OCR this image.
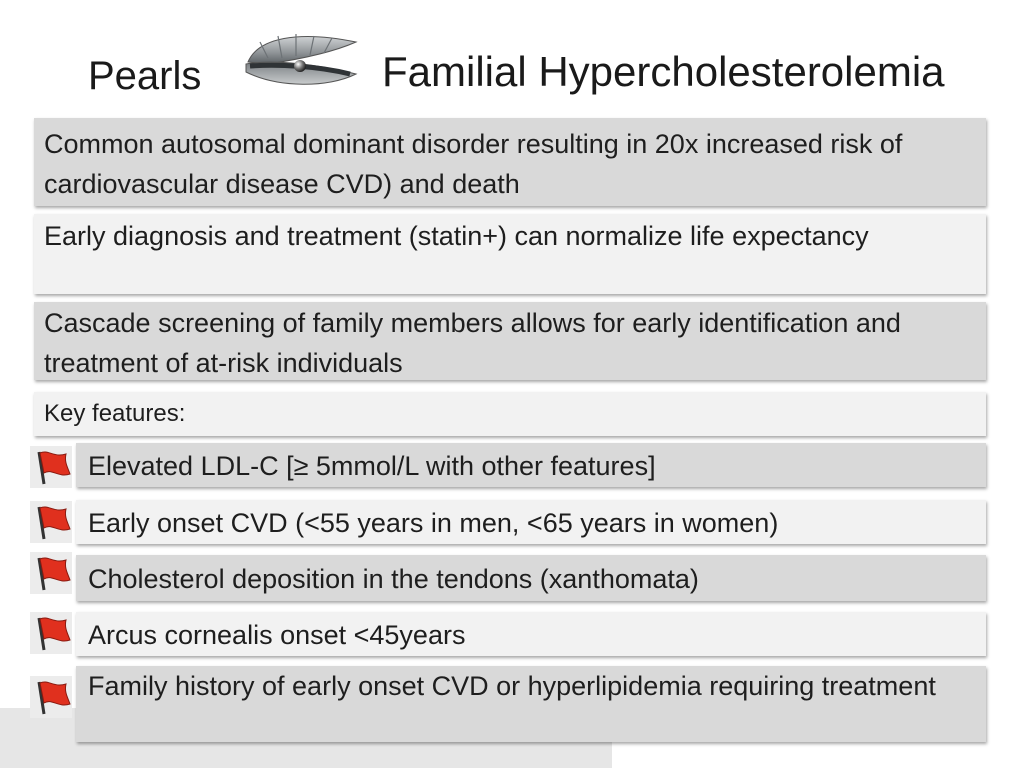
Pearls	Familial Hypercholesterolemia
Common autosomal dominant disorder resulting in 20x increased risk of cardiovascular disease CVD) and death
Early diagnosis and treatment (statin+) can normalize life expectancy
Cascade screening of family members allows for early identification and treatment of at-risk individuals
Key features:
Elevated LDL-C [≥ 5mmol/L with other features]
Early onset CVD (<55 years in men, <65 years in women)
Cholesterol deposition in the tendons (xanthomata)
Arcus cornealis onset <45years
Family history of early onset CVD or hyperlipidemia requiring treatment
